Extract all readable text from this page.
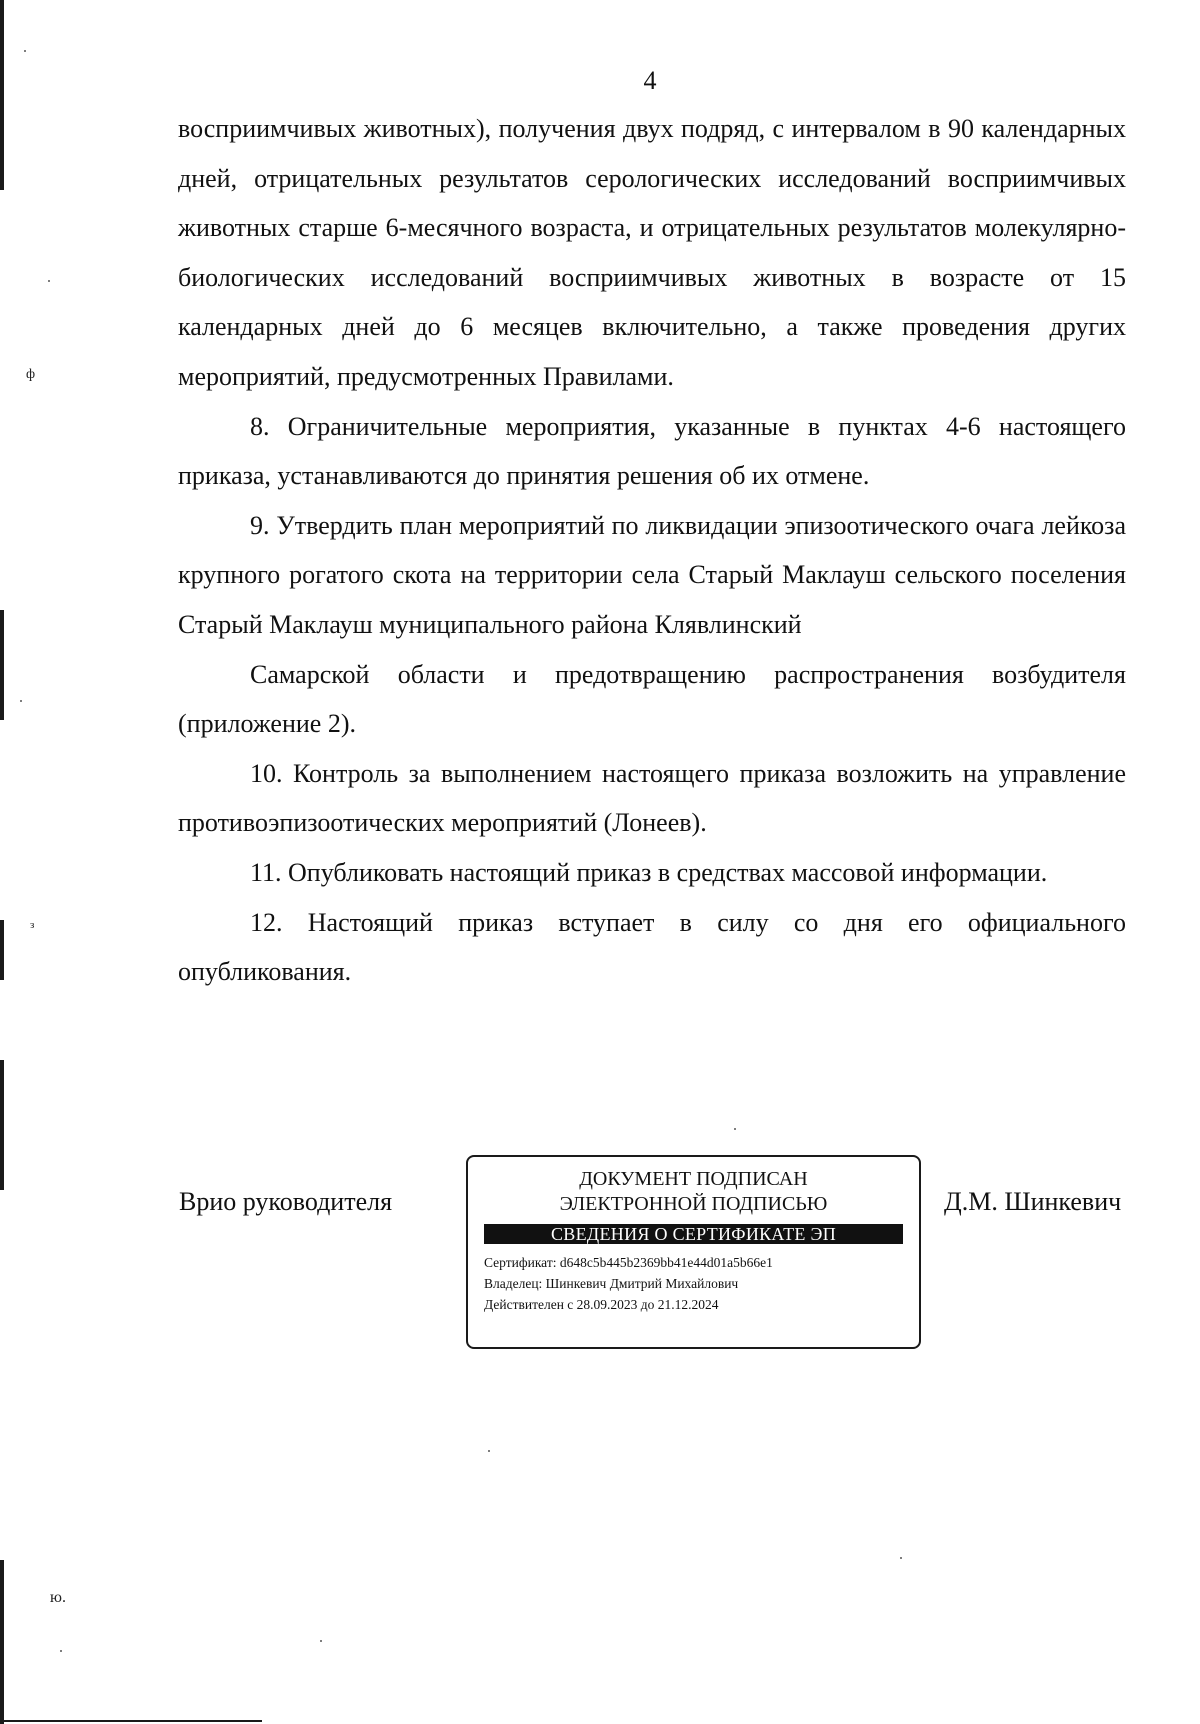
ф
з
ю.
4

восприимчивых животных), получения двух подряд, с интервалом в 90 календарных дней, отрицательных результатов серологических исследований восприимчивых животных старше 6-месячного возраста, и отрицательных результатов молекулярно-биологических исследований восприимчивых животных в возрасте от 15 календарных дней до 6 месяцев включительно, а также проведения других мероприятий, предусмотренных Правилами.

8. Ограничительные мероприятия, указанные в пунктах 4-6 настоящего приказа, устанавливаются до принятия решения об их отмене.

9. Утвердить план мероприятий по ликвидации эпизоотического очага лейкоза крупного рогатого скота на территории села Старый Маклауш сельского поселения Старый Маклауш муниципального района Клявлинский

Самарской области и предотвращению распространения возбудителя (приложение 2).

10. Контроль за выполнением настоящего приказа возложить на управление противоэпизоотических мероприятий (Лонеев).

11. Опубликовать настоящий приказ в средствах массовой информации.

12. Настоящий приказ вступает в силу со дня его официального опубликования.

Врио руководителя
ДОКУМЕНТ ПОДПИСАН
ЭЛЕКТРОННОЙ ПОДПИСЬЮ
СВЕДЕНИЯ О СЕРТИФИКАТЕ ЭП
Сертификат: d648c5b445b2369bb41e44d01a5b66e1
Владелец: Шинкевич Дмитрий Михайлович
Действителен с 28.09.2023 до 21.12.2024
Д.М. Шинкевич
